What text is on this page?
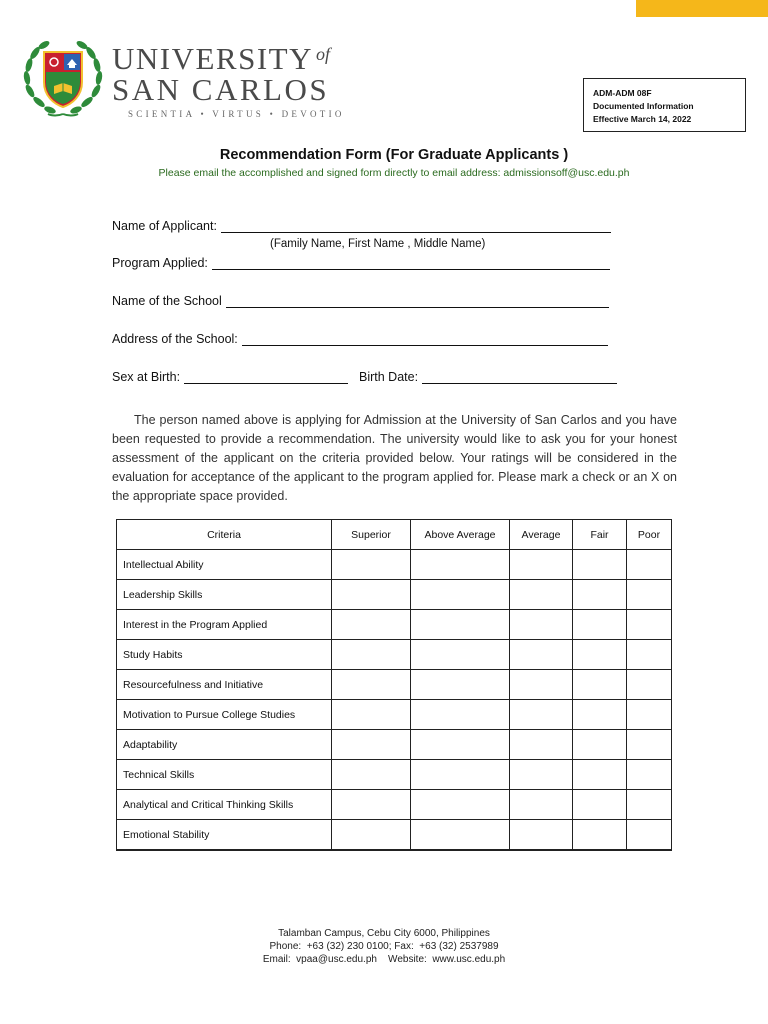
UNIVERSITY $^{of}$
SAN CARLOS
SCIENTIA • VIRTUS • DEVOTIO
ADM-ADM 08F
Documented Information
Effective March 14, 2022
Recommendation Form (For Graduate Applicants )
Please email the accomplished and signed form directly to email address: admissionsoff@usc.edu.ph
Name of Applicant:
(Family Name, First Name , Middle Name)
Program Applied:
Name of the School
Address of the School:
Sex at Birth:	Birth Date:
The person named above is applying for Admission at the University of San Carlos and you have been requested to provide a recommendation. The university would like to ask you for your honest assessment of the applicant on the criteria provided below. Your ratings will be considered in the evaluation for acceptance of the applicant to the program applied for. Please mark a check or an X on the appropriate space provided.
Criteria	Superior	Above Average	Average	Fair	Poor
Intellectual Ability					
Leadership Skills					
Interest in the Program Applied					
Study Habits					
Resourcefulness and Initiative					
Motivation to Pursue College Studies					
Adaptability					
Technical Skills					
Analytical and Critical Thinking Skills					
Emotional Stability					
Talamban Campus, Cebu City 6000, Philippines
Phone:  +63 (32) 230 0100; Fax:  +63 (32) 2537989
Email:  vpaa@usc.edu.ph    Website:  www.usc.edu.ph
